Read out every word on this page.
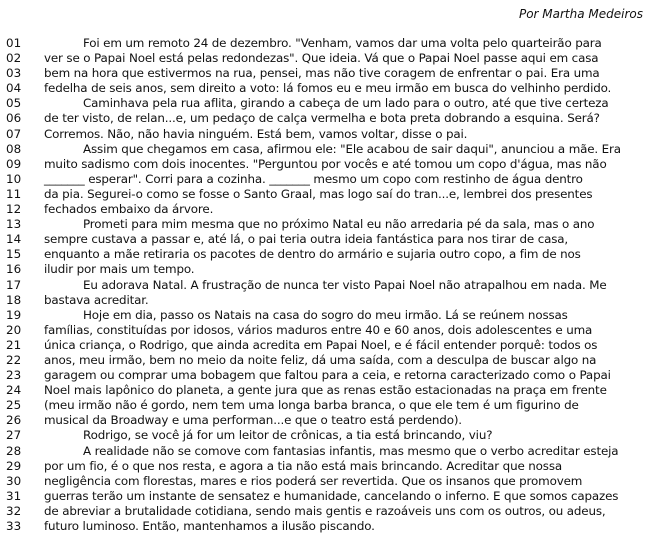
Por Martha Medeiros
01	Foi em um remoto 24 de dezembro. "Venham, vamos dar uma volta pelo quarteirão para
02	ver se o Papai Noel está pelas redondezas". Que ideia. Vá que o Papai Noel passe aqui em casa
03	bem na hora que estivermos na rua, pensei, mas não tive coragem de enfrentar o pai. Era uma
04	fedelha de seis anos, sem direito a voto: lá fomos eu e meu irmão em busca do velhinho perdido.
05	Caminhava pela rua aflita, girando a cabeça de um lado para o outro, até que tive certeza
06	de ter visto, de relan...e, um pedaço de calça vermelha e bota preta dobrando a esquina. Será?
07	Corremos. Não, não havia ninguém. Está bem, vamos voltar, disse o pai.
08	Assim que chegamos em casa, afirmou ele: "Ele acabou de sair daqui", anunciou a mãe. Era
09	muito sadismo com dois inocentes. "Perguntou por vocês e até tomou um copo d'água, mas não
10	_______ esperar". Corri para a cozinha. _______ mesmo um copo com restinho de água dentro
11	da pia. Segurei-o como se fosse o Santo Graal, mas logo saí do tran...e, lembrei dos presentes
12	fechados embaixo da árvore.
13	Prometi para mim mesma que no próximo Natal eu não arredaria pé da sala, mas o ano
14	sempre custava a passar e, até lá, o pai teria outra ideia fantástica para nos tirar de casa,
15	enquanto a mãe retiraria os pacotes de dentro do armário e sujaria outro copo, a fim de nos
16	iludir por mais um tempo.
17	Eu adorava Natal. A frustração de nunca ter visto Papai Noel não atrapalhou em nada. Me
18	bastava acreditar.
19	Hoje em dia, passo os Natais na casa do sogro do meu irmão. Lá se reúnem nossas
20	famílias, constituídas por idosos, vários maduros entre 40 e 60 anos, dois adolescentes e uma
21	única criança, o Rodrigo, que ainda acredita em Papai Noel, e é fácil entender porquê: todos os
22	anos, meu irmão, bem no meio da noite feliz, dá uma saída, com a desculpa de buscar algo na
23	garagem ou comprar uma bobagem que faltou para a ceia, e retorna caracterizado como o Papai
24	Noel mais lapônico do planeta, a gente jura que as renas estão estacionadas na praça em frente
25	(meu irmão não é gordo, nem tem uma longa barba branca, o que ele tem é um figurino de
26	musical da Broadway e uma performan...e que o teatro está perdendo).
27	Rodrigo, se você já for um leitor de crônicas, a tia está brincando, viu?
28	A realidade não se comove com fantasias infantis, mas mesmo que o verbo acreditar esteja
29	por um fio, é o que nos resta, e agora a tia não está mais brincando. Acreditar que nossa
30	negligência com florestas, mares e rios poderá ser revertida. Que os insanos que promovem
31	guerras terão um instante de sensatez e humanidade, cancelando o inferno. E que somos capazes
32	de abreviar a brutalidade cotidiana, sendo mais gentis e razoáveis uns com os outros, ou adeus,
33	futuro luminoso. Então, mantenhamos a ilusão piscando.
